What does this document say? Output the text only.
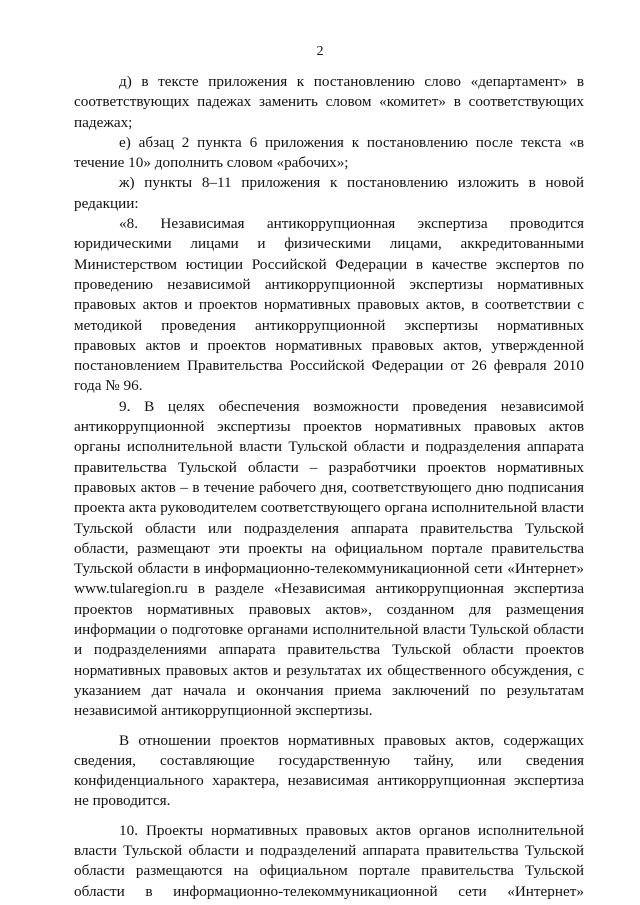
2

д) в тексте приложения к постановлению слово «департамент» в соответствующих падежах заменить словом «комитет» в соответствующих падежах;

е) абзац 2 пункта 6 приложения к постановлению после текста «в течение 10» дополнить словом «рабочих»;

ж) пункты 8–11 приложения к постановлению изложить в новой редакции:

«8. Независимая антикоррупционная экспертиза проводится юридическими лицами и физическими лицами, аккредитованными Министерством юстиции Российской Федерации в качестве экспертов по проведению независимой антикоррупционной экспертизы нормативных правовых актов и проектов нормативных правовых актов, в соответствии с методикой проведения антикоррупционной экспертизы нормативных правовых актов и проектов нормативных правовых актов, утвержденной постановлением Правительства Российской Федерации от 26 февраля 2010 года № 96.

9. В целях обеспечения возможности проведения независимой антикоррупционной экспертизы проектов нормативных правовых актов органы исполнительной власти Тульской области и подразделения аппарата правительства Тульской области – разработчики проектов нормативных правовых актов – в течение рабочего дня, соответствующего дню подписания проекта акта руководителем соответствующего органа исполнительной власти Тульской области или подразделения аппарата правительства Тульской области, размещают эти проекты на официальном портале правительства Тульской области в информационно-телекоммуникационной сети «Интернет» www.tularegion.ru в разделе «Независимая антикоррупционная экспертиза проектов нормативных правовых актов», созданном для размещения информации о подготовке органами исполнительной власти Тульской области и подразделениями аппарата правительства Тульской области проектов нормативных правовых актов и результатах их общественного обсуждения, с указанием дат начала и окончания приема заключений по результатам независимой антикоррупционной экспертизы.

В отношении проектов нормативных правовых актов, содержащих сведения, составляющие государственную тайну, или сведения конфиденциального характера, независимая антикоррупционная экспертиза не проводится.

10. Проекты нормативных правовых актов органов исполнительной власти Тульской области и подразделений аппарата правительства Тульской области размещаются на официальном портале правительства Тульской области в информационно-телекоммуникационной сети «Интернет»
